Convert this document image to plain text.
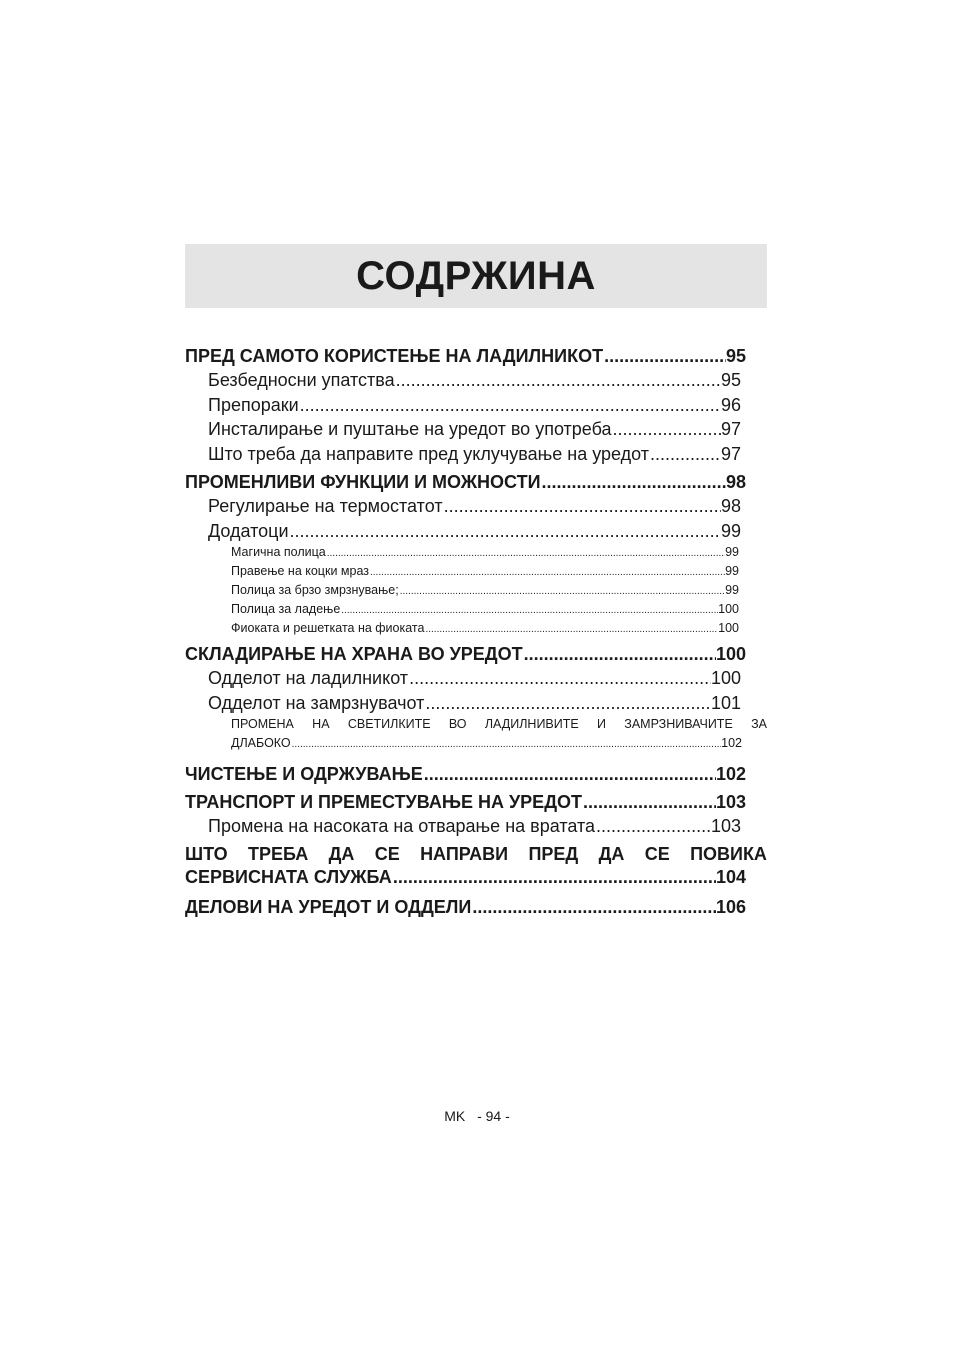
СОДРЖИНА
ПРЕД САМОТО КОРИСТЕЊЕ НА ЛАДИЛНИКОТ .....	95
Безбедносни упатства .....	95
Препораки .....	96
Инсталирање и пуштање на уредот во употреба .....	97
Што треба да направите пред уклучување на уредот .....	97
ПРОМЕНЛИВИ ФУНКЦИИ И МОЖНОСТИ .....	98
Регулирање на термостатот .....	98
Додатоци .....	99
Магична полица .....	99
Правење на коцки мраз .....	99
Полица за брзо змрзнување; .....	99
Полица за ладење .....	100
Фиоката и решетката на фиоката .....	100
СКЛАДИРАЊЕ НА ХРАНА ВО УРЕДОТ .....	100
Одделот на ладилникот .....	100
Одделот на замрзнувачот .....	101
ПРОМЕНА НА СВЕТИЛКИТЕ ВО ЛАДИЛНИВИТЕ И ЗАМРЗНИВАЧИТЕ ЗА
ДЛАБОКО .....	102
ЧИСТЕЊЕ И ОДРЖУВАЊЕ .....	102
ТРАНСПОРТ И ПРЕМЕСТУВАЊЕ НА УРЕДОТ .....	103
Промена на насоката на отварање на вратата .....	103
ШТО ТРЕБА ДА СЕ НАПРАВИ ПРЕД ДА СЕ ПОВИКА
СЕРВИСНАТА СЛУЖБА .....	104
ДЕЛОВИ НА УРЕДОТ И ОДДЕЛИ .....	106
MK - 94 -
